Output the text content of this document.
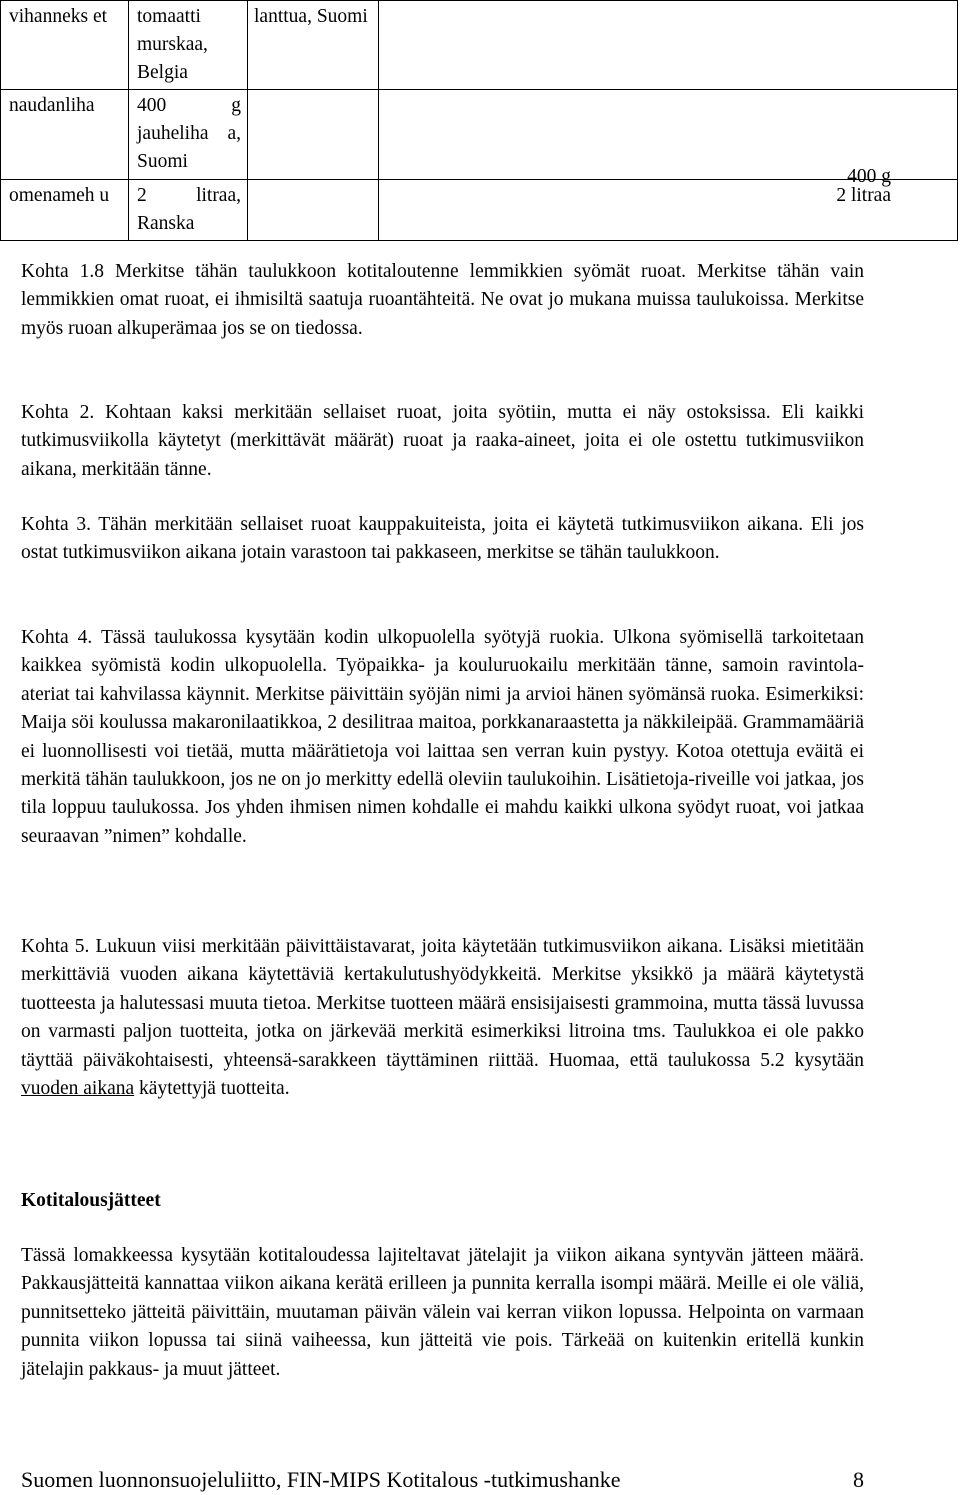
vihanneks et	tomaatti murskaa, Belgia	lanttua, Suomi	
naudanliha	400 g jauheliha a, Suomi		400 g
omenameh u	2 litraa, Ranska		2 litraa

Kohta 1.8 Merkitse tähän taulukkoon kotitaloutenne lemmikkien syömät ruoat. Merkitse tähän vain lemmikkien omat ruoat, ei ihmisiltä saatuja ruoantähteitä. Ne ovat jo mukana muissa taulukoissa. Merkitse myös ruoan alkuperämaa jos se on tiedossa.

Kohta 2. Kohtaan kaksi merkitään sellaiset ruoat, joita syötiin, mutta ei näy ostoksissa. Eli kaikki tutkimusviikolla käytetyt (merkittävät määrät) ruoat ja raaka-aineet, joita ei ole ostettu tutkimusviikon aikana, merkitään tänne.

Kohta 3. Tähän merkitään sellaiset ruoat kauppakuiteista, joita ei käytetä tutkimusviikon aikana. Eli jos ostat tutkimusviikon aikana jotain varastoon tai pakkaseen, merkitse se tähän taulukkoon.

Kohta 4. Tässä taulukossa kysytään kodin ulkopuolella syötyjä ruokia. Ulkona syömisellä tarkoitetaan kaikkea syömistä kodin ulkopuolella. Työpaikka- ja kouluruokailu merkitään tänne, samoin ravintola-ateriat tai kahvilassa käynnit. Merkitse päivittäin syöjän nimi ja arvioi hänen syömänsä ruoka. Esimerkiksi: Maija söi koulussa makaronilaatikkoa, 2 desilitraa maitoa, porkkanaraastetta ja näkkileipää. Grammamääriä ei luonnollisesti voi tietää, mutta määrätietoja voi laittaa sen verran kuin pystyy. Kotoa otettuja eväitä ei merkitä tähän taulukkoon, jos ne on jo merkitty edellä oleviin taulukoihin. Lisätietoja-riveille voi jatkaa, jos tila loppuu taulukossa. Jos yhden ihmisen nimen kohdalle ei mahdu kaikki ulkona syödyt ruoat, voi jatkaa seuraavan ”nimen” kohdalle.

Kohta 5. Lukuun viisi merkitään päivittäistavarat, joita käytetään tutkimusviikon aikana. Lisäksi mietitään merkittäviä vuoden aikana käytettäviä kertakulutushyödykkeitä. Merkitse yksikkö ja määrä käytetystä tuotteesta ja halutessasi muuta tietoa. Merkitse tuotteen määrä ensisijaisesti grammoina, mutta tässä luvussa on varmasti paljon tuotteita, jotka on järkevää merkitä esimerkiksi litroina tms. Taulukkoa ei ole pakko täyttää päiväkohtaisesti, yhteensä-sarakkeen täyttäminen riittää. Huomaa, että taulukossa 5.2 kysytään vuoden aikana käytettyjä tuotteita.

Kotitalousjätteet

Tässä lomakkeessa kysytään kotitaloudessa lajiteltavat jätelajit ja viikon aikana syntyvän jätteen määrä. Pakkausjätteitä kannattaa viikon aikana kerätä erilleen ja punnita kerralla isompi määrä. Meille ei ole väliä, punnitsetteko jätteitä päivittäin, muutaman päivän välein vai kerran viikon lopussa. Helpointa on varmaan punnita viikon lopussa tai siinä vaiheessa, kun jätteitä vie pois. Tärkeää on kuitenkin eritellä kunkin jätelajin pakkaus- ja muut jätteet.

Suomen luonnonsuojeluliitto, FIN-MIPS Kotitalous -tutkimushanke	8
